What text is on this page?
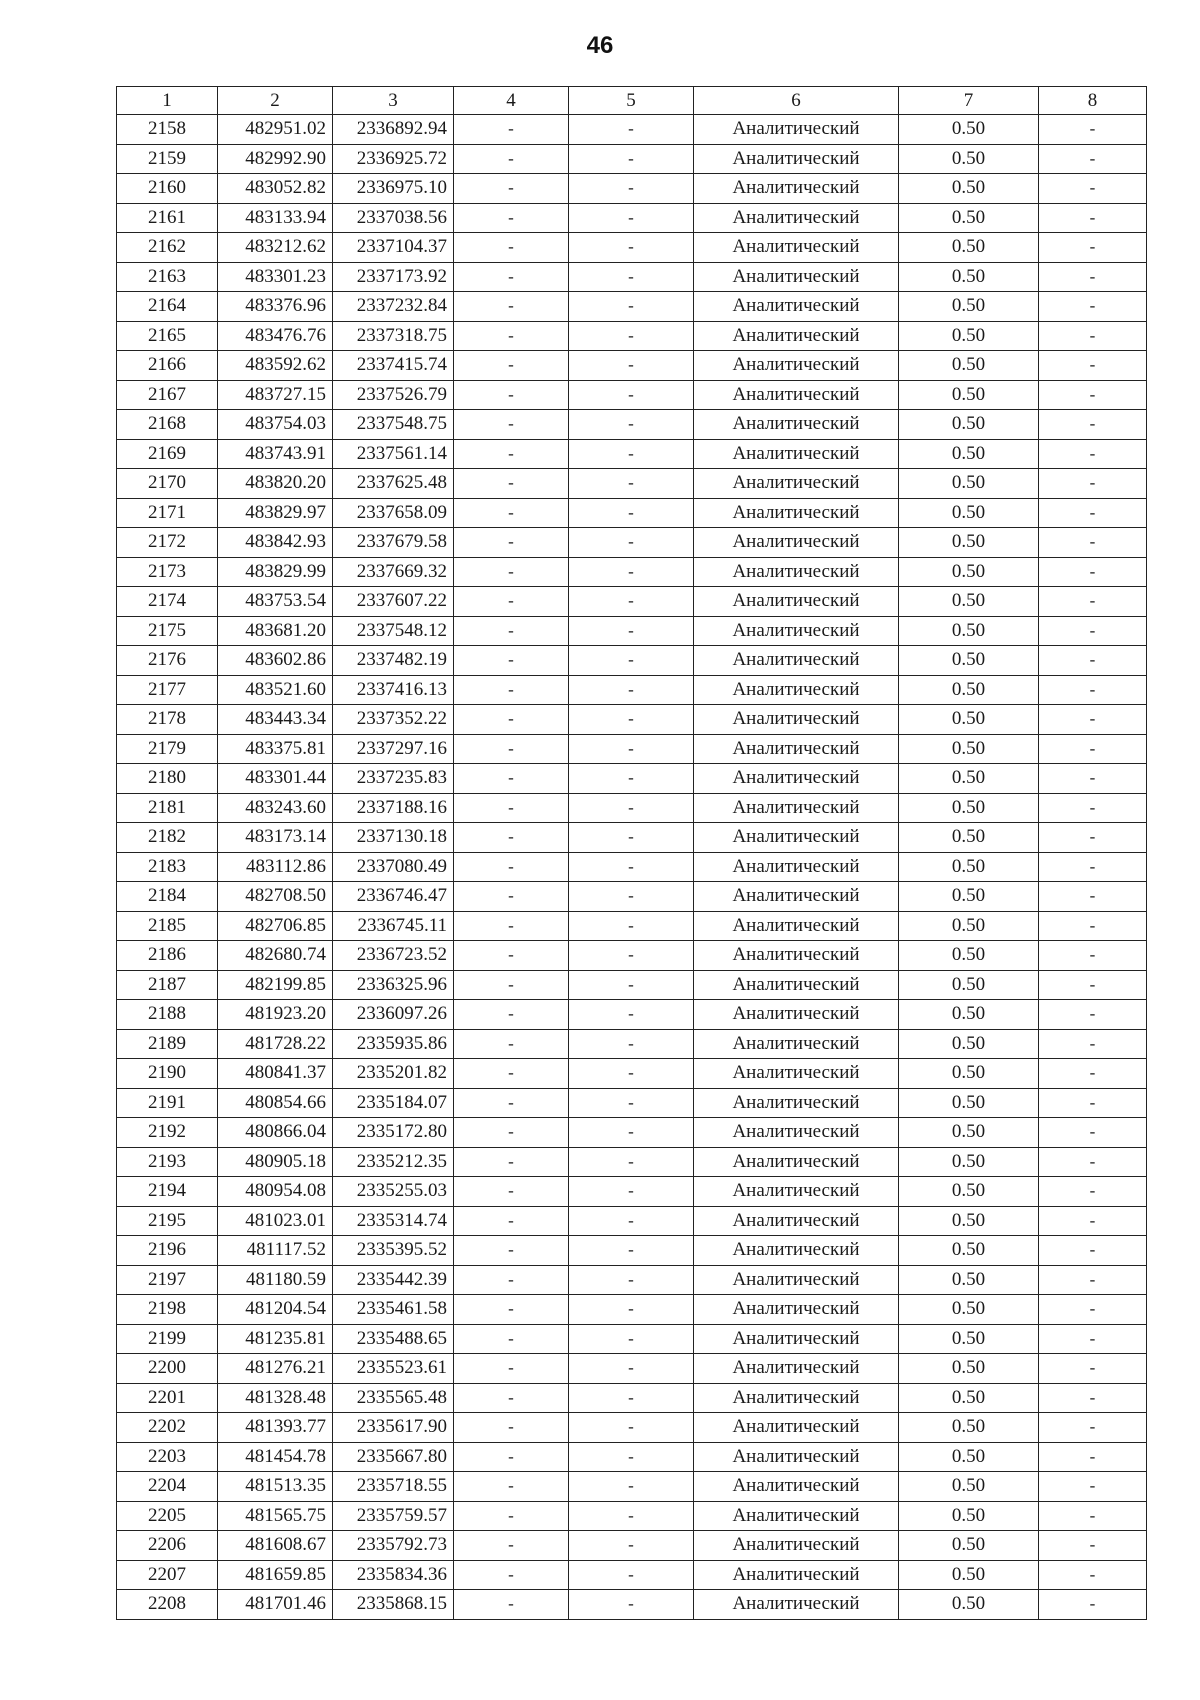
46
1	2	3	4	5	6	7	8
2158	482951.02	2336892.94	-	-	Аналитический	0.50	-
2159	482992.90	2336925.72	-	-	Аналитический	0.50	-
2160	483052.82	2336975.10	-	-	Аналитический	0.50	-
2161	483133.94	2337038.56	-	-	Аналитический	0.50	-
2162	483212.62	2337104.37	-	-	Аналитический	0.50	-
2163	483301.23	2337173.92	-	-	Аналитический	0.50	-
2164	483376.96	2337232.84	-	-	Аналитический	0.50	-
2165	483476.76	2337318.75	-	-	Аналитический	0.50	-
2166	483592.62	2337415.74	-	-	Аналитический	0.50	-
2167	483727.15	2337526.79	-	-	Аналитический	0.50	-
2168	483754.03	2337548.75	-	-	Аналитический	0.50	-
2169	483743.91	2337561.14	-	-	Аналитический	0.50	-
2170	483820.20	2337625.48	-	-	Аналитический	0.50	-
2171	483829.97	2337658.09	-	-	Аналитический	0.50	-
2172	483842.93	2337679.58	-	-	Аналитический	0.50	-
2173	483829.99	2337669.32	-	-	Аналитический	0.50	-
2174	483753.54	2337607.22	-	-	Аналитический	0.50	-
2175	483681.20	2337548.12	-	-	Аналитический	0.50	-
2176	483602.86	2337482.19	-	-	Аналитический	0.50	-
2177	483521.60	2337416.13	-	-	Аналитический	0.50	-
2178	483443.34	2337352.22	-	-	Аналитический	0.50	-
2179	483375.81	2337297.16	-	-	Аналитический	0.50	-
2180	483301.44	2337235.83	-	-	Аналитический	0.50	-
2181	483243.60	2337188.16	-	-	Аналитический	0.50	-
2182	483173.14	2337130.18	-	-	Аналитический	0.50	-
2183	483112.86	2337080.49	-	-	Аналитический	0.50	-
2184	482708.50	2336746.47	-	-	Аналитический	0.50	-
2185	482706.85	2336745.11	-	-	Аналитический	0.50	-
2186	482680.74	2336723.52	-	-	Аналитический	0.50	-
2187	482199.85	2336325.96	-	-	Аналитический	0.50	-
2188	481923.20	2336097.26	-	-	Аналитический	0.50	-
2189	481728.22	2335935.86	-	-	Аналитический	0.50	-
2190	480841.37	2335201.82	-	-	Аналитический	0.50	-
2191	480854.66	2335184.07	-	-	Аналитический	0.50	-
2192	480866.04	2335172.80	-	-	Аналитический	0.50	-
2193	480905.18	2335212.35	-	-	Аналитический	0.50	-
2194	480954.08	2335255.03	-	-	Аналитический	0.50	-
2195	481023.01	2335314.74	-	-	Аналитический	0.50	-
2196	481117.52	2335395.52	-	-	Аналитический	0.50	-
2197	481180.59	2335442.39	-	-	Аналитический	0.50	-
2198	481204.54	2335461.58	-	-	Аналитический	0.50	-
2199	481235.81	2335488.65	-	-	Аналитический	0.50	-
2200	481276.21	2335523.61	-	-	Аналитический	0.50	-
2201	481328.48	2335565.48	-	-	Аналитический	0.50	-
2202	481393.77	2335617.90	-	-	Аналитический	0.50	-
2203	481454.78	2335667.80	-	-	Аналитический	0.50	-
2204	481513.35	2335718.55	-	-	Аналитический	0.50	-
2205	481565.75	2335759.57	-	-	Аналитический	0.50	-
2206	481608.67	2335792.73	-	-	Аналитический	0.50	-
2207	481659.85	2335834.36	-	-	Аналитический	0.50	-
2208	481701.46	2335868.15	-	-	Аналитический	0.50	-
